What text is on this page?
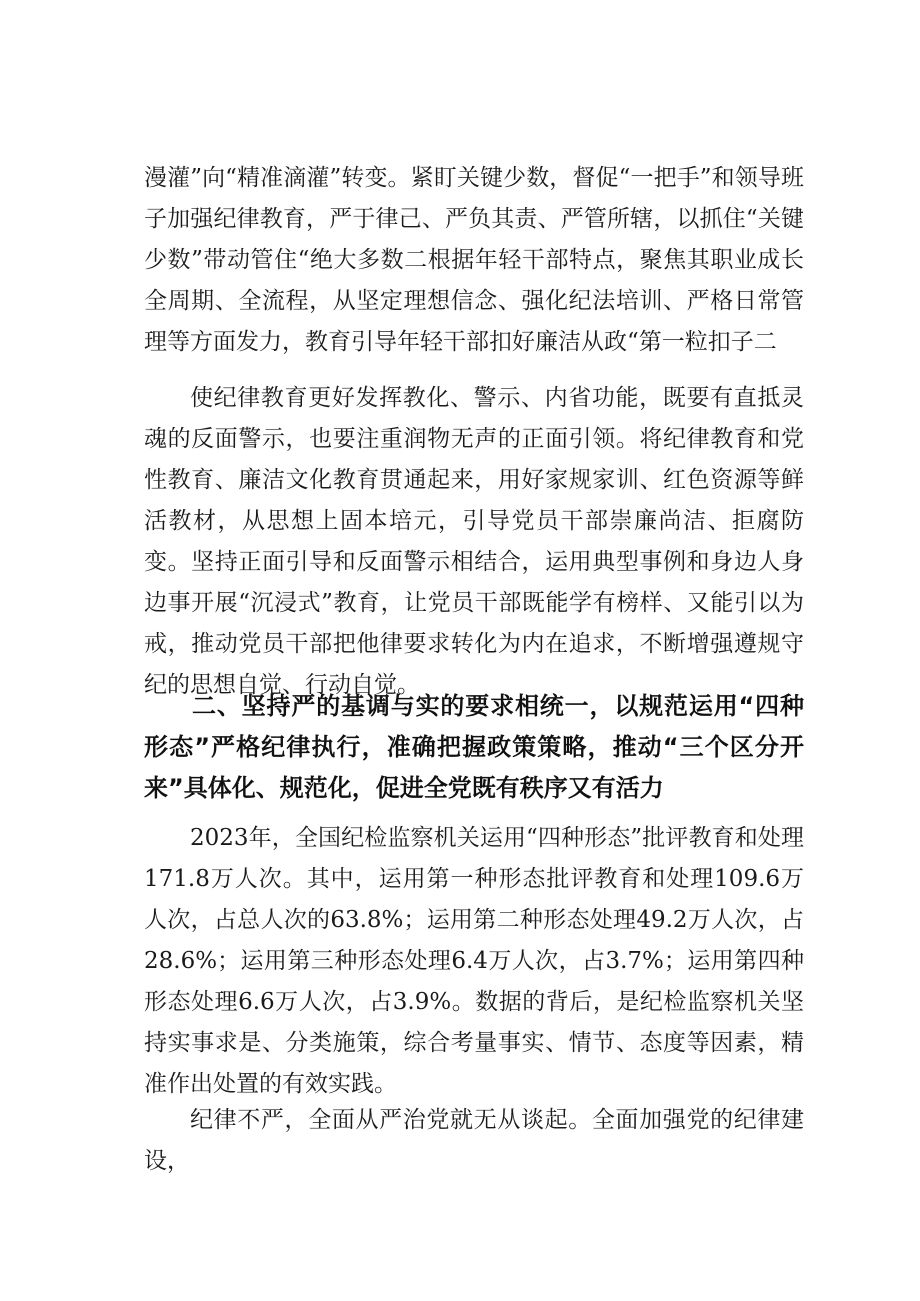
漫灌”向“精准滴灌”转变。紧盯关键少数，督促“一把手”和领导班子加强纪律教育，严于律己、严负其责、严管所辖，以抓住“关键少数”带动管住“绝大多数二根据年轻干部特点，聚焦其职业成长全周期、全流程，从坚定理想信念、强化纪法培训、严格日常管理等方面发力，教育引导年轻干部扣好廉洁从政“第一粒扣子二

使纪律教育更好发挥教化、警示、内省功能，既要有直抵灵魂的反面警示，也要注重润物无声的正面引领。将纪律教育和党性教育、廉洁文化教育贯通起来，用好家规家训、红色资源等鲜活教材，从思想上固本培元，引导党员干部崇廉尚洁、拒腐防变。坚持正面引导和反面警示相结合，运用典型事例和身边人身边事开展“沉浸式”教育，让党员干部既能学有榜样、又能引以为戒，推动党员干部把他律要求转化为内在追求，不断增强遵规守纪的思想自觉、行动自觉。

二、坚持严的基调与实的要求相统一，以规范运用“四种形态”严格纪律执行，准确把握政策策略，推动“三个区分开来”具体化、规范化，促进全党既有秩序又有活力

2023年，全国纪检监察机关运用“四种形态”批评教育和处理171.8万人次。其中，运用第一种形态批评教育和处理109.6万人次，占总人次的63.8%；运用第二种形态处理49.2万人次，占28.6%；运用第三种形态处理6.4万人次，占3.7%；运用第四种形态处理6.6万人次，占3.9%。数据的背后，是纪检监察机关坚持实事求是、分类施策，综合考量事实、情节、态度等因素，精准作出处置的有效实践。

纪律不严，全面从严治党就无从谈起。全面加强党的纪律建设，
